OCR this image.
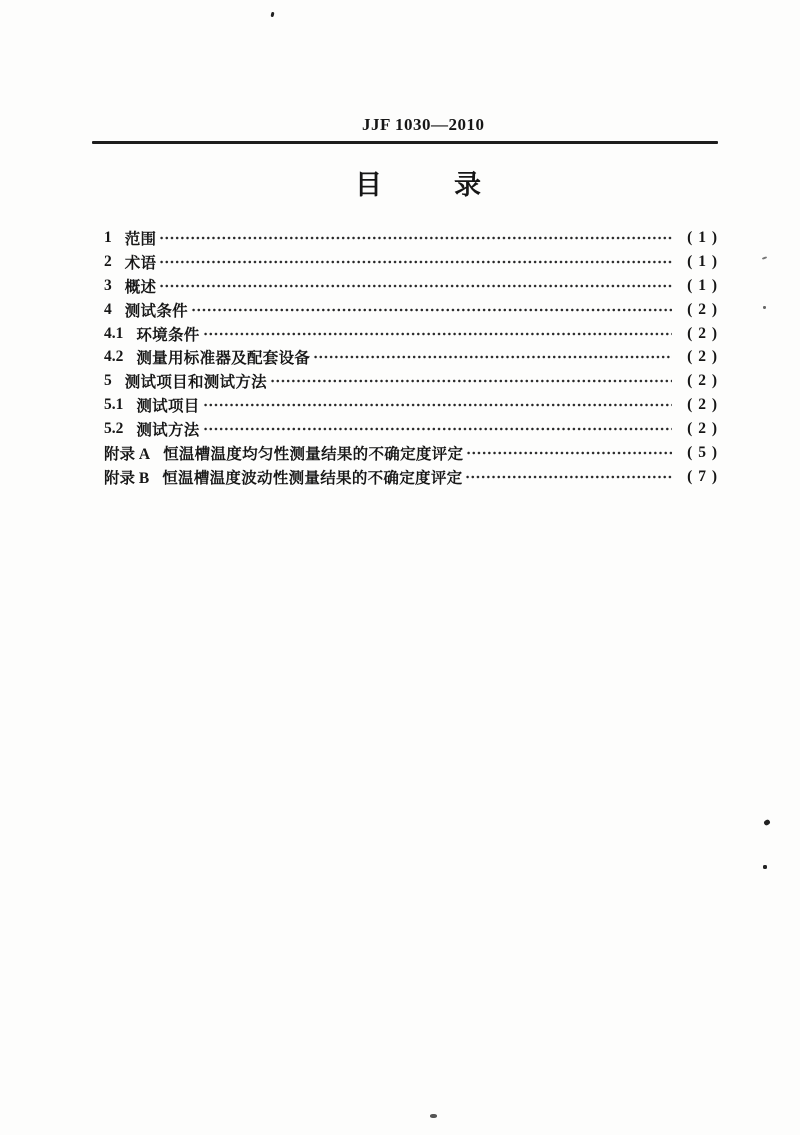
JJF 1030—2010
目	录
1 范围	( 1 )
2 术语	( 1 )
3 概述	( 1 )
4 测试条件	( 2 )
4.1 环境条件	( 2 )
4.2 测量用标准器及配套设备	( 2 )
5 测试项目和测试方法	( 2 )
5.1 测试项目	( 2 )
5.2 测试方法	( 2 )
附录 A 恒温槽温度均匀性测量结果的不确定度评定	( 5 )
附录 B 恒温槽温度波动性测量结果的不确定度评定	( 7 )
